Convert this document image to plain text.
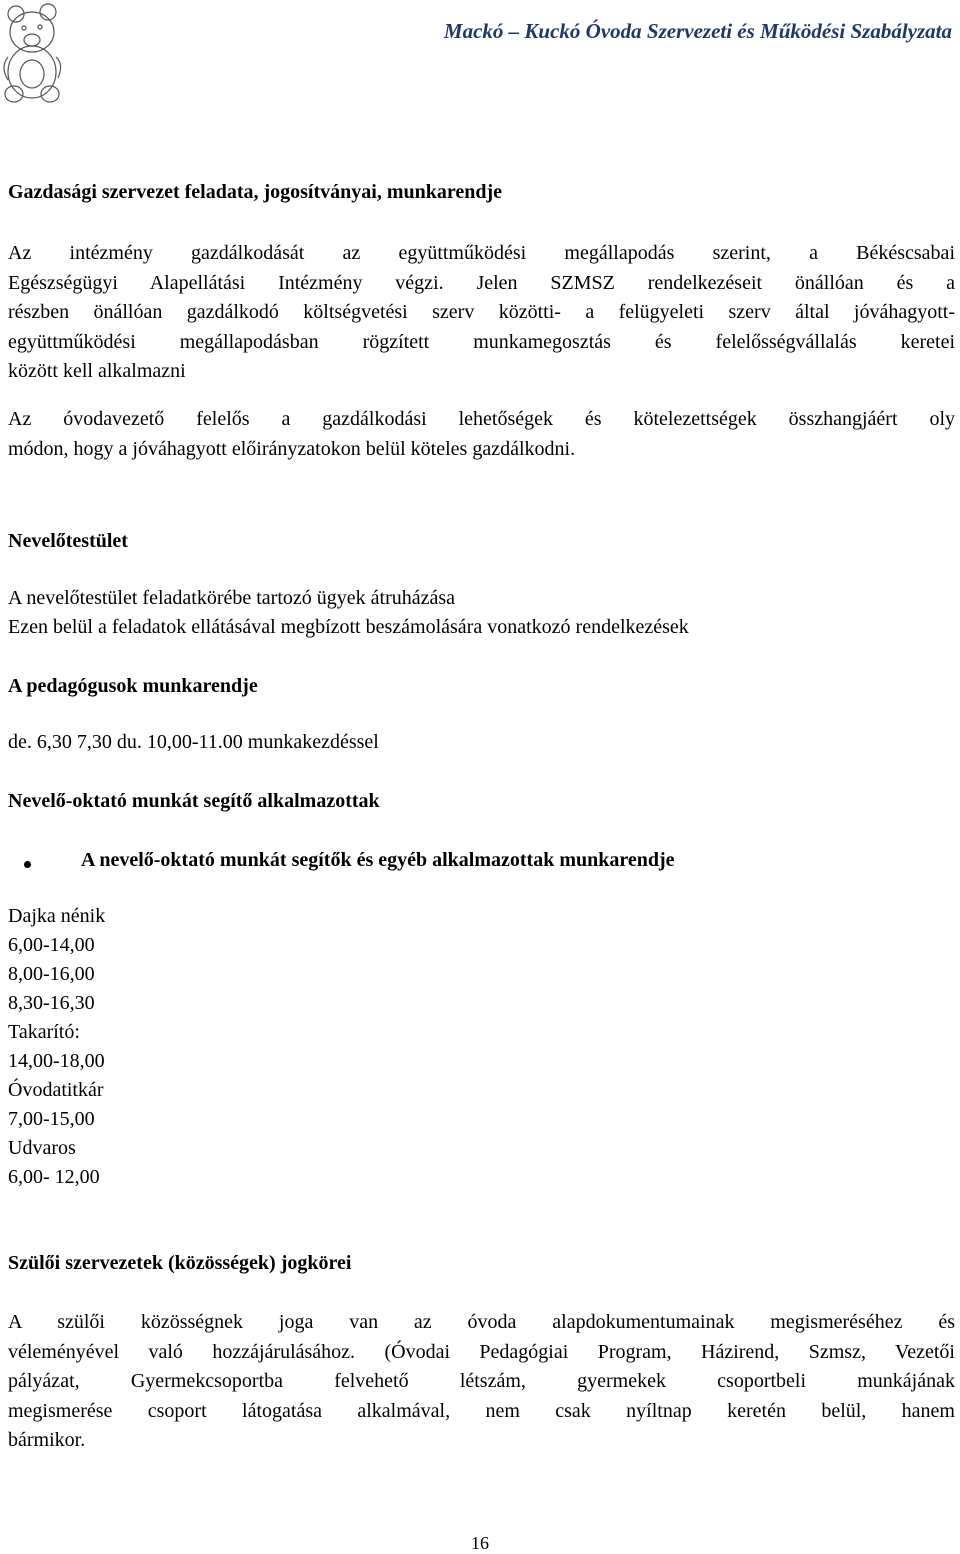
Mackó – Kuckó Óvoda Szervezeti és Működési Szabályzata
Gazdasági szervezet feladata, jogosítványai, munkarendje
Az intézmény gazdálkodását az együttműködési megállapodás szerint, a Békéscsabai
Egészségügyi Alapellátási Intézmény végzi. Jelen SZMSZ rendelkezéseit önállóan és a
részben önállóan gazdálkodó költségvetési szerv közötti- a felügyeleti szerv által jóváhagyott-
együttműködési megállapodásban rögzített munkamegosztás és felelősségvállalás keretei
között kell alkalmazni
Az óvodavezető felelős a gazdálkodási lehetőségek és kötelezettségek összhangjáért oly
módon, hogy a jóváhagyott előirányzatokon belül köteles gazdálkodni.
Nevelőtestület
A nevelőtestület feladatkörébe tartozó ügyek átruházása
Ezen belül a feladatok ellátásával megbízott beszámolására vonatkozó rendelkezések
A pedagógusok munkarendje
de. 6,30 7,30 du. 10,00-11.00 munkakezdéssel
Nevelő-oktató munkát segítő alkalmazottak
A nevelő-oktató munkát segítők és egyéb alkalmazottak munkarendje
Dajka nénik
6,00-14,00
8,00-16,00
8,30-16,30
Takarító:
14,00-18,00
Óvodatitkár
7,00-15,00
Udvaros
6,00- 12,00
Szülői szervezetek (közösségek) jogkörei
A szülői közösségnek joga van az óvoda alapdokumentumainak megismeréséhez és
véleményével való hozzájárulásához. (Óvodai Pedagógiai Program, Házirend, Szmsz, Vezetői
pályázat, Gyermekcsoportba felvehető létszám, gyermekek csoportbeli munkájának
megismerése csoport látogatása alkalmával, nem csak nyíltnap keretén belül, hanem
bármikor.
16
